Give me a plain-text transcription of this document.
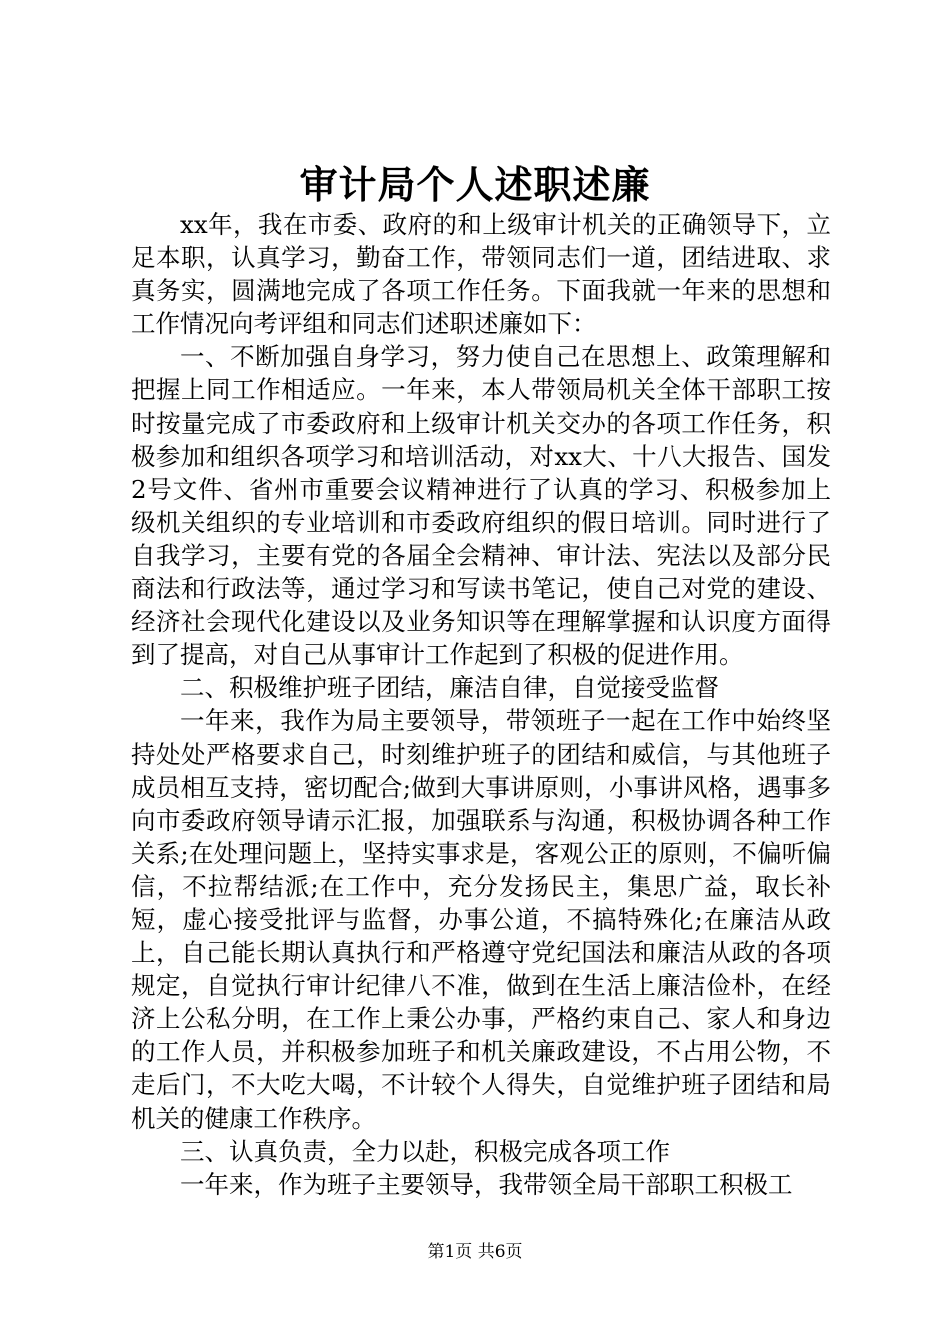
审计局个人述职述廉

xx年，我在市委、政府的和上级审计机关的正确领导下，立足本职，认真学习，勤奋工作，带领同志们一道，团结进取、求真务实，圆满地完成了各项工作任务。下面我就一年来的思想和工作情况向考评组和同志们述职述廉如下：

一、不断加强自身学习，努力使自己在思想上、政策理解和把握上同工作相适应。一年来，本人带领局机关全体干部职工按时按量完成了市委政府和上级审计机关交办的各项工作任务，积极参加和组织各项学习和培训活动，对xx大、十八大报告、国发2号文件、省州市重要会议精神进行了认真的学习、积极参加上级机关组织的专业培训和市委政府组织的假日培训。同时进行了自我学习，主要有党的各届全会精神、审计法、宪法以及部分民商法和行政法等，通过学习和写读书笔记，使自己对党的建设、经济社会现代化建设以及业务知识等在理解掌握和认识度方面得到了提高，对自己从事审计工作起到了积极的促进作用。

二、积极维护班子团结，廉洁自律，自觉接受监督

一年来，我作为局主要领导，带领班子一起在工作中始终坚持处处严格要求自己，时刻维护班子的团结和威信，与其他班子成员相互支持，密切配合;做到大事讲原则，小事讲风格，遇事多向市委政府领导请示汇报，加强联系与沟通，积极协调各种工作关系;在处理问题上，坚持实事求是，客观公正的原则，不偏听偏信，不拉帮结派;在工作中，充分发扬民主，集思广益，取长补短，虚心接受批评与监督，办事公道，不搞特殊化;在廉洁从政上，自己能长期认真执行和严格遵守党纪国法和廉洁从政的各项规定，自觉执行审计纪律八不准，做到在生活上廉洁俭朴，在经济上公私分明，在工作上秉公办事，严格约束自己、家人和身边的工作人员，并积极参加班子和机关廉政建设，不占用公物，不走后门，不大吃大喝，不计较个人得失，自觉维护班子团结和局机关的健康工作秩序。

三、认真负责，全力以赴，积极完成各项工作

一年来，作为班子主要领导，我带领全局干部职工积极工

第1页 共6页
